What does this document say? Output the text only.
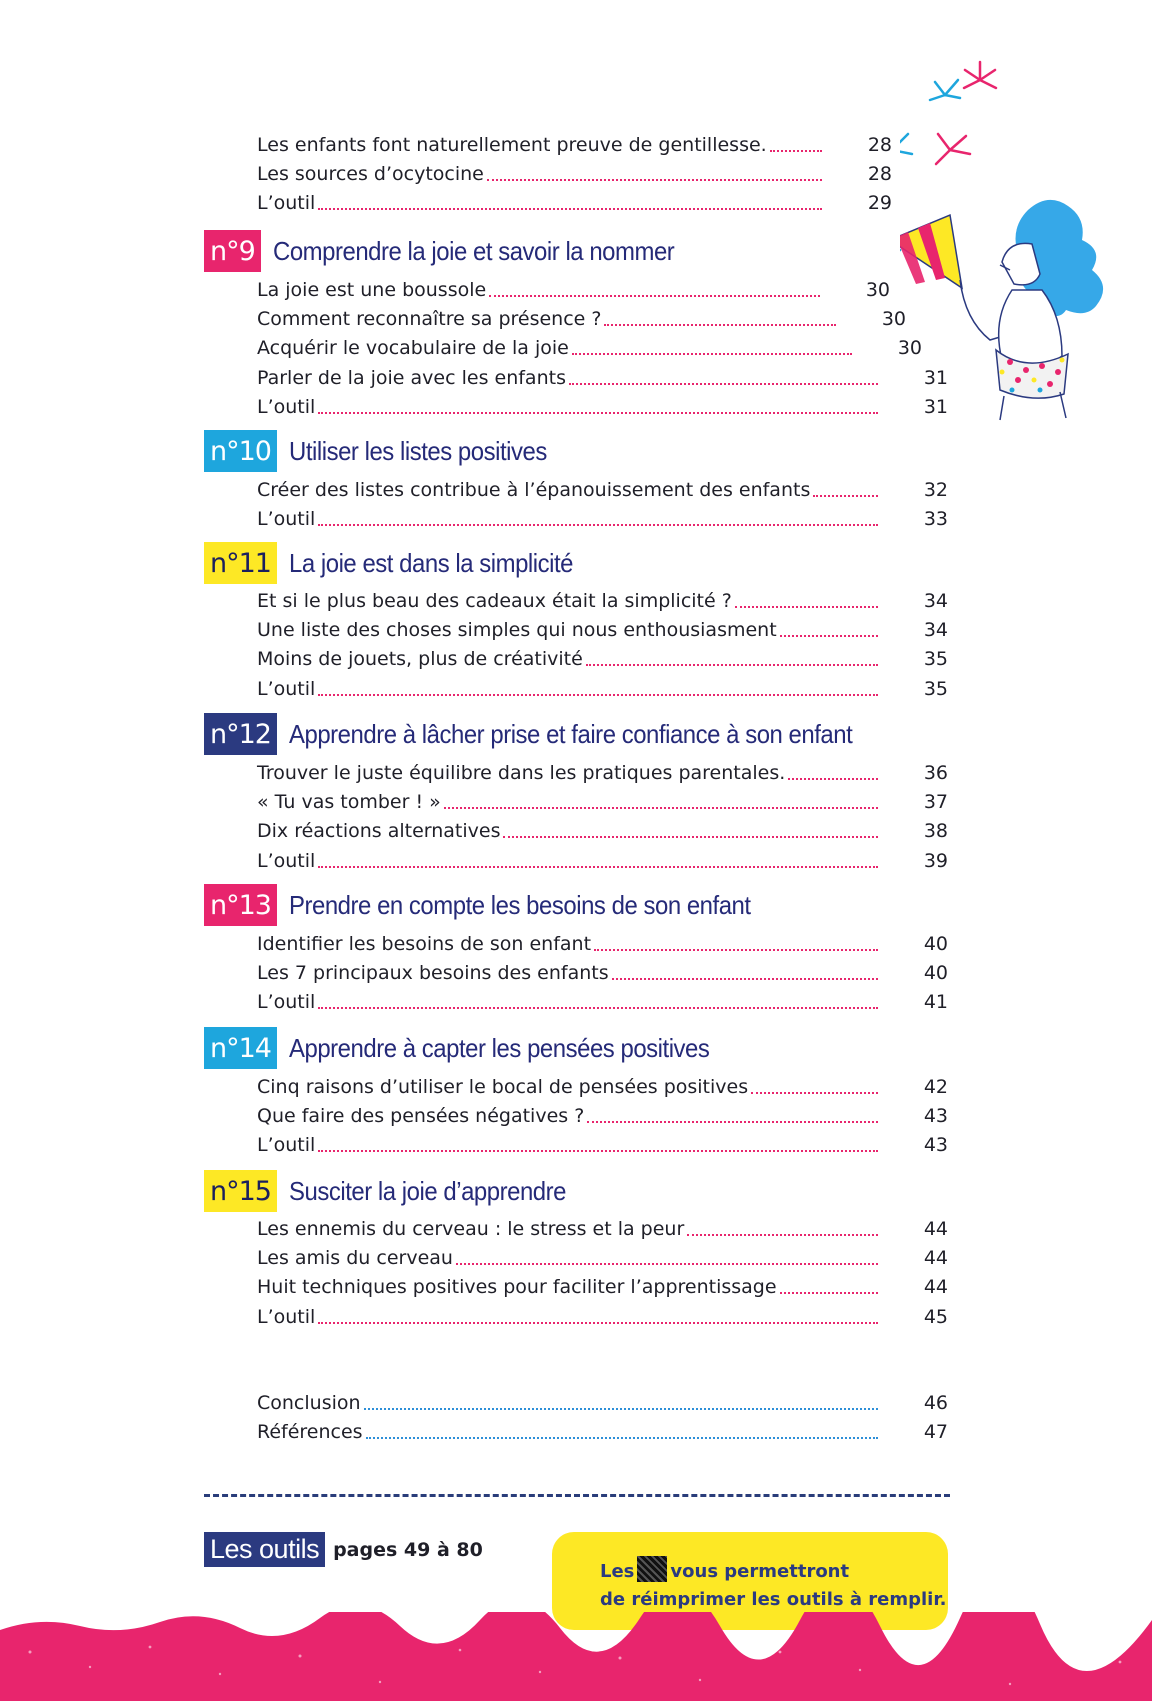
Les enfants font naturellement preuve de gentillesse.	28
Les sources d’ocytocine	28
L’outil	29
n°9 Comprendre la joie et savoir la nommer
La joie est une boussole	30
Comment reconnaître sa présence ?	30
Acquérir le vocabulaire de la joie	30
Parler de la joie avec les enfants	31
L’outil	31
n°10 Utiliser les listes positives
Créer des listes contribue à l’épanouissement des enfants	32
L’outil	33
n°11 La joie est dans la simplicité
Et si le plus beau des cadeaux était la simplicité ?	34
Une liste des choses simples qui nous enthousiasment	34
Moins de jouets, plus de créativité	35
L’outil	35
n°12 Apprendre à lâcher prise et faire confiance à son enfant
Trouver le juste équilibre dans les pratiques parentales.	36
« Tu vas tomber ! »	37
Dix réactions alternatives	38
L’outil	39
n°13 Prendre en compte les besoins de son enfant
Identifier les besoins de son enfant	40
Les 7 principaux besoins des enfants	40
L’outil	41
n°14 Apprendre à capter les pensées positives
Cinq raisons d’utiliser le bocal de pensées positives	42
Que faire des pensées négatives ?	43
L’outil	43
n°15 Susciter la joie d’apprendre
Les ennemis du cerveau : le stress et la peur	44
Les amis du cerveau	44
Huit techniques positives pour faciliter l’apprentissage	44
L’outil	45
Conclusion	46
Références	47
Les outils pages 49 à 80
Les vous permettront
de réimprimer les outils à remplir.
3
